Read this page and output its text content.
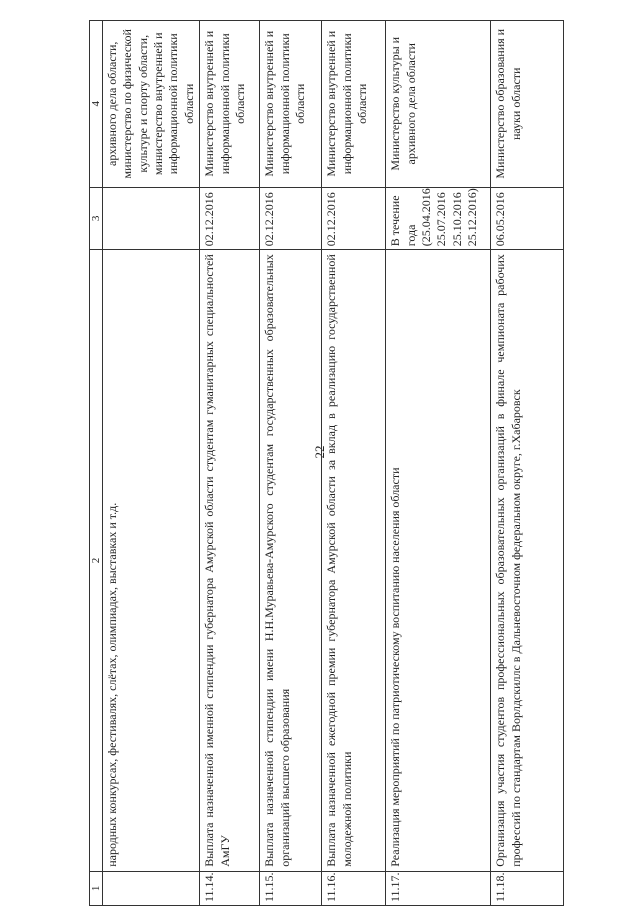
22
1	2	3	4
	народных конкурсах, фестивалях, слётах, олимпиадах, выставках и т.д.		архивного дела области, министерство по физической культуре и спорту области, министерство внутренней и информационной политики области
11.14.	Выплата назначенной именной стипендии губернатора Амурской области студентам гуманитарных специальностей АмГУ	02.12.2016	Министерство внутренней и информационной политики области
11.15.	Выплата назначенной стипендии имени Н.Н.Муравьева-Амурского студентам государственных образовательных организаций высшего образования	02.12.2016	Министерство внутренней и информационной политики области
11.16.	Выплата назначенной ежегодной премии губернатора Амурской области за вклад в реализацию государственной молодежной политики	02.12.2016	Министерство внутренней и информационной политики области
11.17.	Реализация мероприятий по патриотическому воспитанию населения области	В течение года (25.04.2016 25.07.2016 25.10.2016 25.12.2016)	Министерство культуры и архивного дела области
11.18.	Организация участия студентов профессиональных образовательных организаций в финале чемпионата рабочих профессий по стандартам Ворлдскиллс в Дальневосточном федеральном округе, г.Хабаровск	06.05.2016	Министерство образования и науки области
